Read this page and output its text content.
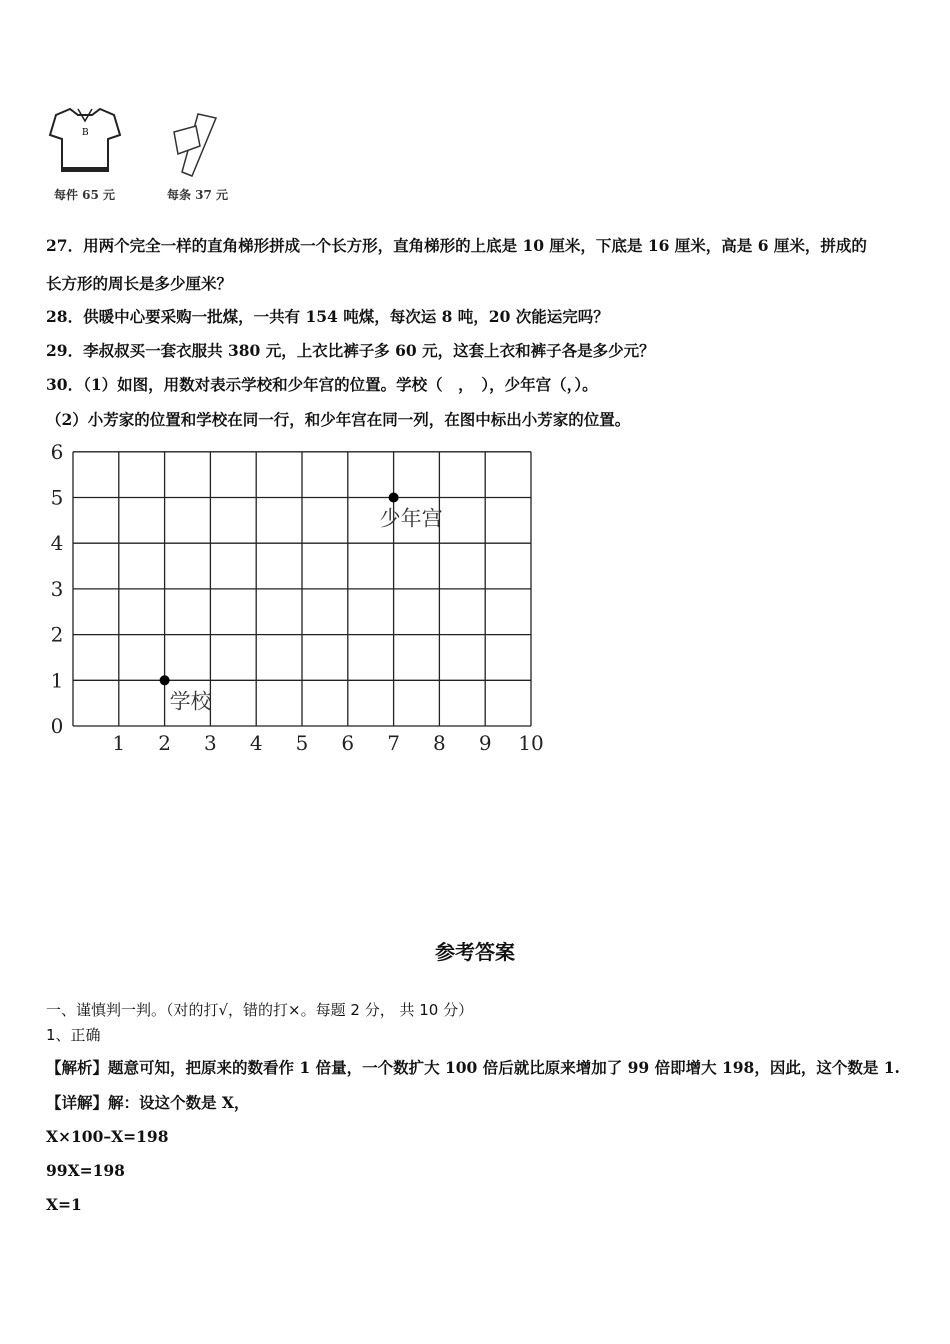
B
每件 65 元	每条 37 元
27．用两个完全一样的直角梯形拼成一个长方形，直角梯形的上底是 10 厘米，下底是 16 厘米，高是 6 厘米，拼成的
长方形的周长是多少厘米？
28．供暖中心要采购一批煤，一共有 154 吨煤，每次运 8 吨，20 次能运完吗？
29．李叔叔买一套衣服共 380 元，上衣比裤子多 60 元，这套上衣和裤子各是多少元？
30．（1）如图，用数对表示学校和少年宫的位置。学校（　，　），少年宫（，）。
（2）小芳家的位置和学校在同一行，和少年宫在同一列，在图中标出小芳家的位置。
1 2 3 4 5 6 7 8 9 10
0
1
2
3
4
5
6
学校
少年宫
参考答案
一、谨慎判一判。（对的打√，错的打×。每题 2 分， 共 10 分）
1、正确
【解析】题意可知，把原来的数看作 1 倍量，一个数扩大 100 倍后就比原来增加了 99 倍即增大 198，因此，这个数是 1.
【详解】解：设这个数是 X，
X×100–X=198
99X=198
X=1
